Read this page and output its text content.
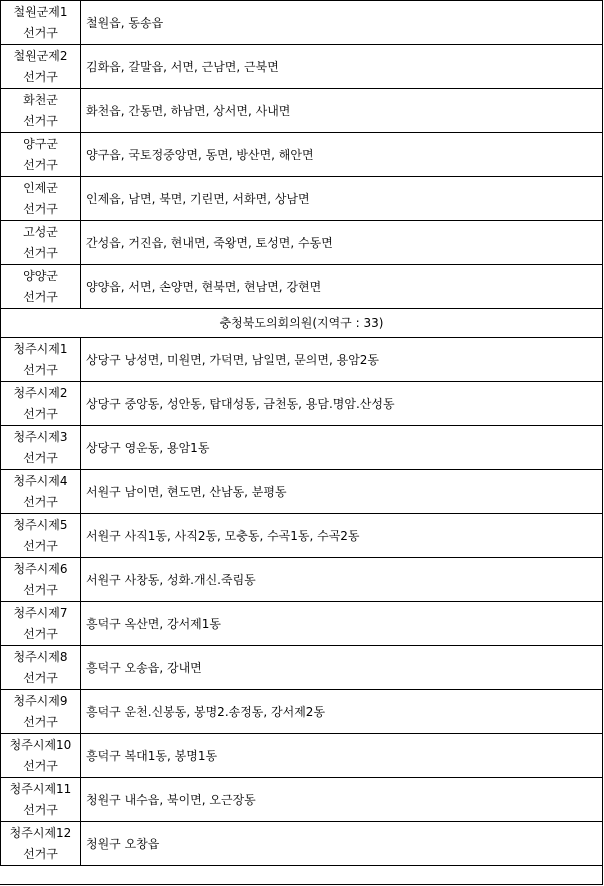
철원군제1
선거구	철원읍, 동송읍

철원군제2
선거구	김화읍, 갈말읍, 서면, 근남면, 근북면

화천군
선거구	화천읍, 간동면, 하남면, 상서면, 사내면

양구군
선거구	양구읍, 국토정중앙면, 동면, 방산면, 해안면

인제군
선거구	인제읍, 남면, 북면, 기린면, 서화면, 상남면

고성군
선거구	간성읍, 거진읍, 현내면, 죽왕면, 토성면, 수동면

양양군
선거구	양양읍, 서면, 손양면, 현북면, 현남면, 강현면
충청북도의회의원(지역구 : 33)	

청주시제1
선거구	상당구 낭성면, 미원면, 가덕면, 남일면, 문의면, 용암2동

청주시제2
선거구	상당구 중앙동, 성안동, 탑대성동, 금천동, 용담.명암.산성동

청주시제3
선거구	상당구 영운동, 용암1동

청주시제4
선거구	서원구 남이면, 현도면, 산남동, 분평동

청주시제5
선거구	서원구 사직1동, 사직2동, 모충동, 수곡1동, 수곡2동

청주시제6
선거구	서원구 사창동, 성화.개신.죽림동

청주시제7
선거구	흥덕구 옥산면, 강서제1동

청주시제8
선거구	흥덕구 오송읍, 강내면

청주시제9
선거구	흥덕구 운천.신봉동, 봉명2.송정동, 강서제2동

청주시제10
선거구	흥덕구 복대1동, 봉명1동

청주시제11
선거구	청원구 내수읍, 북이면, 오근장동

청주시제12
선거구	청원구 오창읍
